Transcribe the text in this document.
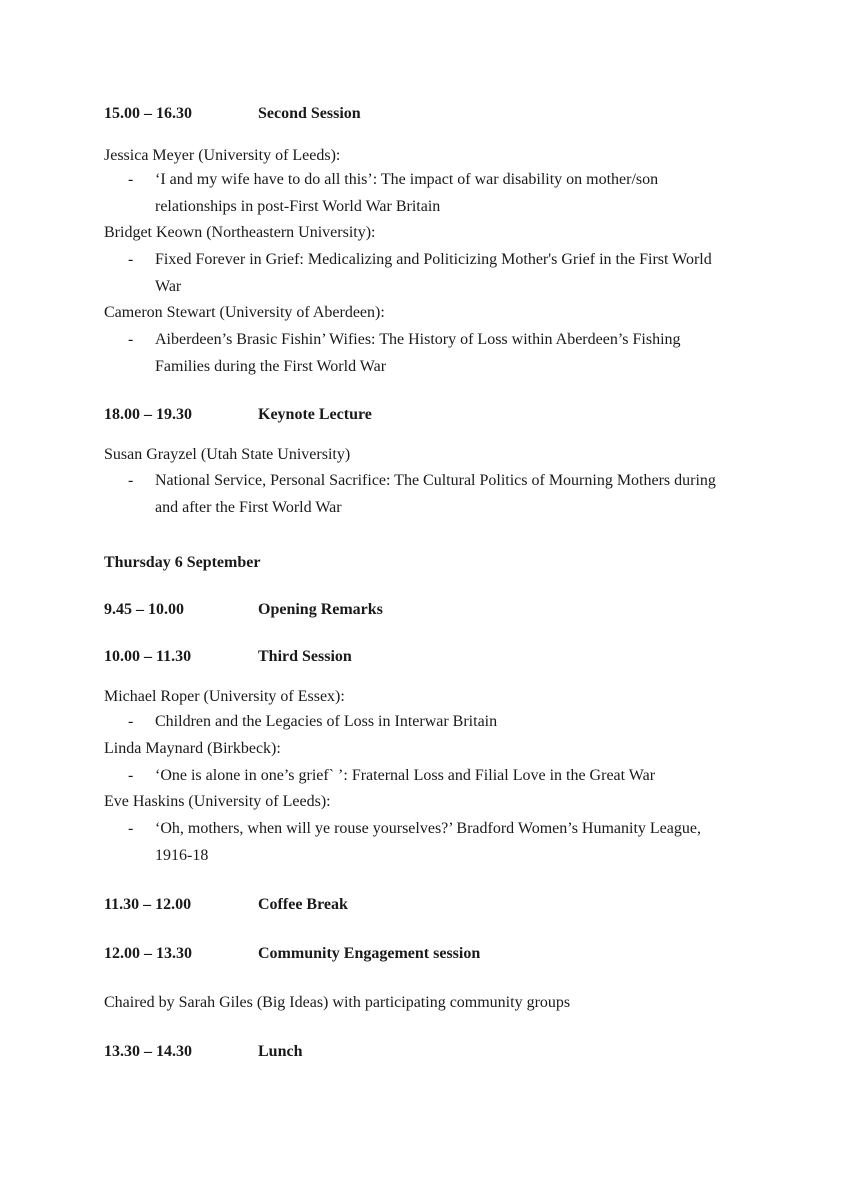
15.00 – 16.30	Second Session
Jessica Meyer (University of Leeds):
- ‘I and my wife have to do all this’: The impact of war disability on mother/son
relationships in post-First World War Britain
Bridget Keown (Northeastern University):
- Fixed Forever in Grief: Medicalizing and Politicizing Mother's Grief in the First World
War
Cameron Stewart (University of Aberdeen):
- Aiberdeen’s Brasic Fishin’ Wifies: The History of Loss within Aberdeen’s Fishing
Families during the First World War
18.00 – 19.30	Keynote Lecture
Susan Grayzel (Utah State University)
- National Service, Personal Sacrifice: The Cultural Politics of Mourning Mothers during
and after the First World War
Thursday 6 September
9.45 – 10.00	Opening Remarks
10.00 – 11.30	Third Session
Michael Roper (University of Essex):
- Children and the Legacies of Loss in Interwar Britain
Linda Maynard (Birkbeck):
- ‘One is alone in one’s grief` ’: Fraternal Loss and Filial Love in the Great War
Eve Haskins (University of Leeds):
- ‘Oh, mothers, when will ye rouse yourselves?’ Bradford Women’s Humanity League,
1916-18
11.30 – 12.00	Coffee Break
12.00 – 13.30	Community Engagement session
Chaired by Sarah Giles (Big Ideas) with participating community groups
13.30 – 14.30	Lunch
